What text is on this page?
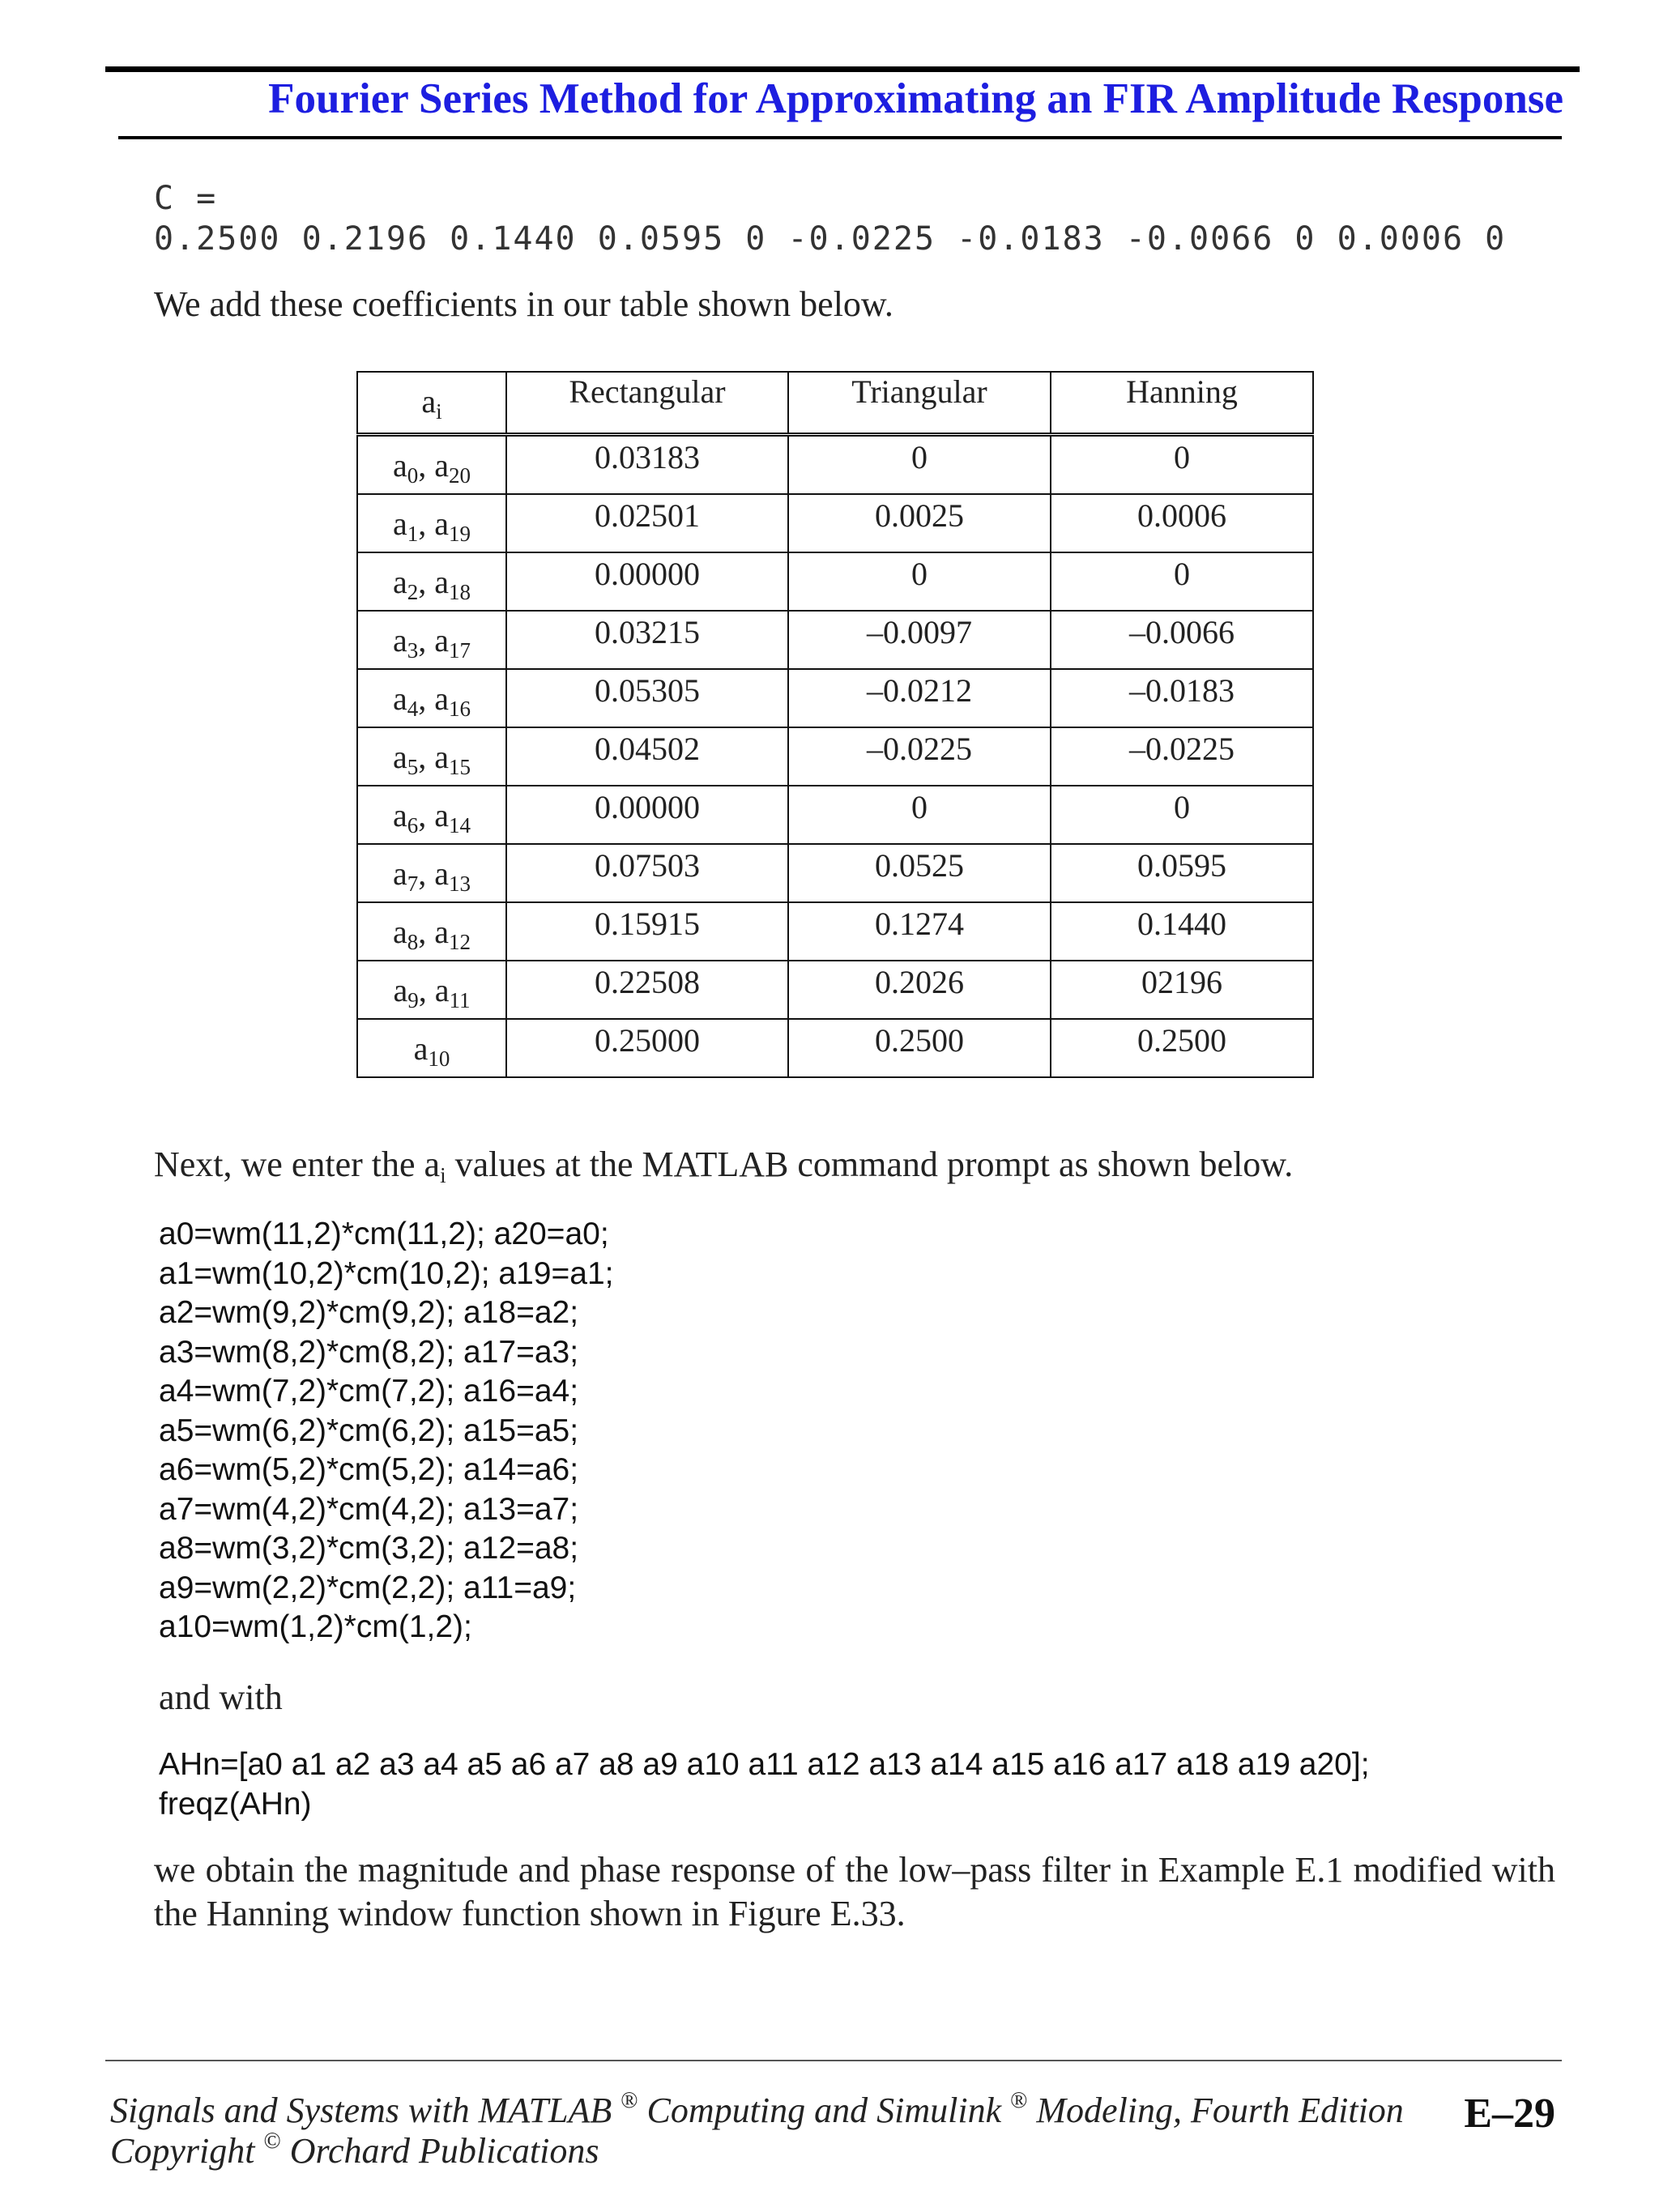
Fourier Series Method for Approximating an FIR Amplitude Response
C =
0.2500 0.2196 0.1440 0.0595 0 -0.0225 -0.0183 -0.0066 0 0.0006 0
We add these coefficients in our table shown below.
$a_i$	Rectangular	Triangular	Hanning

$a_0$, $a_{20}$	0.03183	0	0

$a_1$, $a_{19}$	0.02501	0.0025	0.0006

$a_2$, $a_{18}$	0.00000	0	0

$a_3$, $a_{17}$	0.03215	–0.0097	–0.0066

$a_4$, $a_{16}$	0.05305	–0.0212	–0.0183

$a_5$, $a_{15}$	0.04502	–0.0225	–0.0225

$a_6$, $a_{14}$	0.00000	0	0

$a_7$, $a_{13}$	0.07503	0.0525	0.0595

$a_8$, $a_{12}$	0.15915	0.1274	0.1440

$a_9$, $a_{11}$	0.22508	0.2026	02196

$a_{10}$	0.25000	0.2500	0.2500
Next, we enter the $a_i$ values at the MATLAB command prompt as shown below.
a0=wm(11,2)*cm(11,2); a20=a0;
a1=wm(10,2)*cm(10,2); a19=a1;
a2=wm(9,2)*cm(9,2); a18=a2;
a3=wm(8,2)*cm(8,2); a17=a3;
a4=wm(7,2)*cm(7,2); a16=a4;
a5=wm(6,2)*cm(6,2); a15=a5;
a6=wm(5,2)*cm(5,2); a14=a6;
a7=wm(4,2)*cm(4,2); a13=a7;
a8=wm(3,2)*cm(3,2); a12=a8;
a9=wm(2,2)*cm(2,2); a11=a9;
a10=wm(1,2)*cm(1,2);
and with
AHn=[a0 a1 a2 a3 a4 a5 a6 a7 a8 a9 a10 a11 a12 a13 a14 a15 a16 a17 a18 a19 a20];
freqz(AHn)
we obtain the magnitude and phase response of the low–pass filter in Example E.1 modified with the Hanning window function shown in Figure E.33.
Signals and Systems with MATLAB ® Computing and Simulink ® Modeling, Fourth Edition
Copyright © Orchard Publications
E–29
